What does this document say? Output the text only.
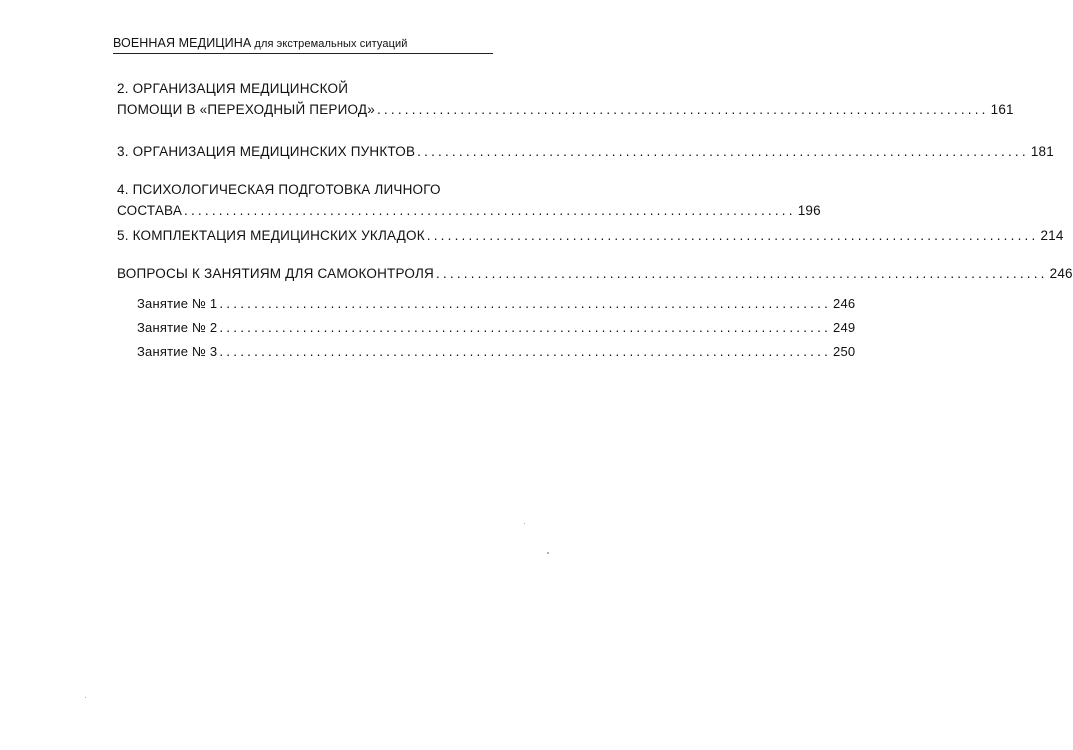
ВОЕННАЯ МЕДИЦИНА для экстремальных ситуаций
2. ОРГАНИЗАЦИЯ МЕДИЦИНСКОЙ
ПОМОЩИ В «ПЕРЕХОДНЫЙ ПЕРИОД» ........................................................................................ 161
3. ОРГАНИЗАЦИЯ МЕДИЦИНСКИХ ПУНКТОВ ........................................................................................ 181
4. ПСИХОЛОГИЧЕСКАЯ ПОДГОТОВКА ЛИЧНОГО
СОСТАВА ........................................................................................ 196
5. КОМПЛЕКТАЦИЯ МЕДИЦИНСКИХ УКЛАДОК ........................................................................................ 214
ВОПРОСЫ К ЗАНЯТИЯМ ДЛЯ САМОКОНТРОЛЯ ........................................................................................ 246
Занятие № 1 ........................................................................................ 246
Занятие № 2 ........................................................................................ 249
Занятие № 3 ........................................................................................ 250
